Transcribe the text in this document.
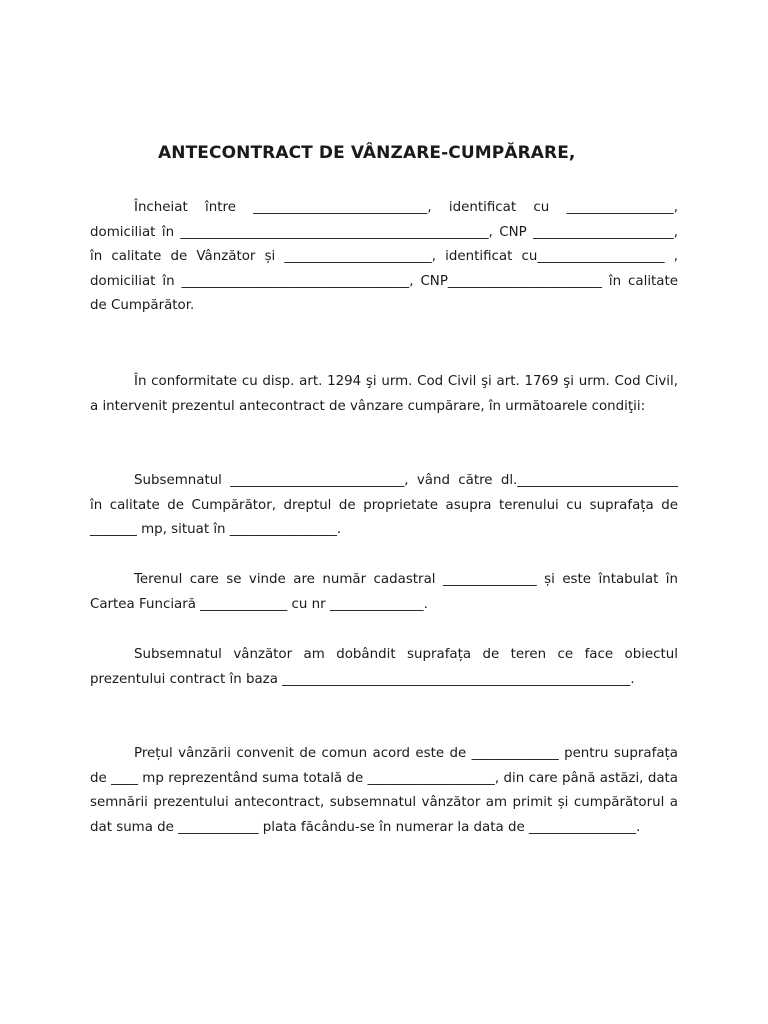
ANTECONTRACT DE VÂNZARE-CUMPĂRARE,

Încheiat între __________________________, identificat cu ________________, domiciliat în ______________________________________________, CNP _____________________, în calitate de Vânzător și ______________________, identificat cu___________________ , domiciliat în __________________________________, CNP_______________________ în calitate de Cumpărător.

În conformitate cu disp. art. 1294 şi urm. Cod Civil şi art. 1769 şi urm. Cod Civil, a intervenit prezentul antecontract de vânzare cumpărare, în următoarele condiţii:

Subsemnatul __________________________, vând către dl.________________________ în calitate de Cumpărător, dreptul de proprietate asupra terenului cu suprafața de _______ mp, situat în ________________.

Terenul care se vinde are număr cadastral ______________ și este întabulat în Cartea Funciară _____________ cu nr ______________.

Subsemnatul vânzător am dobândit suprafața de teren ce face obiectul prezentului contract în baza ____________________________________________________.

Prețul vânzării convenit de comun acord este de _____________ pentru suprafața de ____ mp reprezentând suma totală de ___________________, din care până astăzi, data semnării prezentului antecontract, subsemnatul vânzător am primit și cumpărătorul a dat suma de ____________ plata făcându-se în numerar la data de ________________.
